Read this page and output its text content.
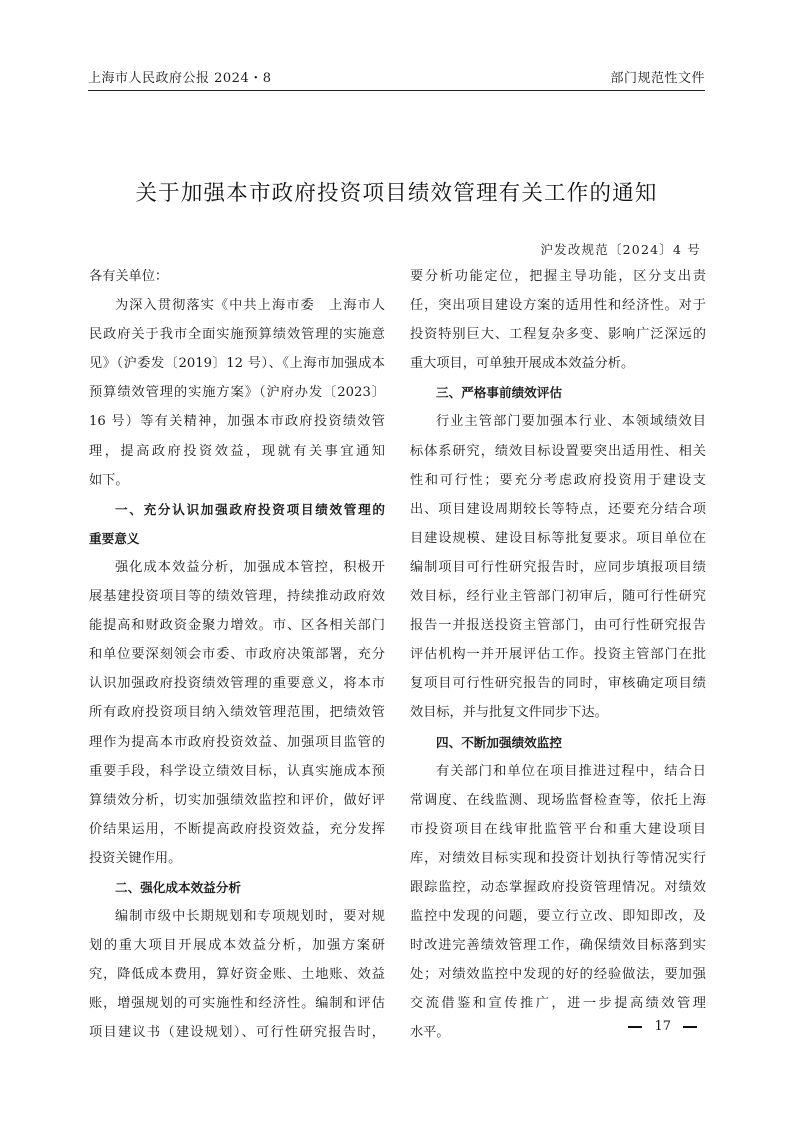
上海市人民政府公报 2024・8	部门规范性文件
关于加强本市政府投资项目绩效管理有关工作的通知
沪发改规范〔2024〕4 号
各有关单位：
为深入贯彻落实《中共上海市委　上海市人
民政府关于我市全面实施预算绩效管理的实施意
见》（沪委发〔2019〕12 号）、《上海市加强成本
预算绩效管理的实施方案》（沪府办发〔2023〕
16 号）等有关精神，加强本市政府投资绩效管
理，提高政府投资效益，现就有关事宜通知
如下。
一、充分认识加强政府投资项目绩效管理的
重要意义
强化成本效益分析，加强成本管控，积极开
展基建投资项目等的绩效管理，持续推动政府效
能提高和财政资金聚力增效。市、区各相关部门
和单位要深刻领会市委、市政府决策部署，充分
认识加强政府投资绩效管理的重要意义，将本市
所有政府投资项目纳入绩效管理范围，把绩效管
理作为提高本市政府投资效益、加强项目监管的
重要手段，科学设立绩效目标，认真实施成本预
算绩效分析，切实加强绩效监控和评价，做好评
价结果运用，不断提高政府投资效益，充分发挥
投资关键作用。
二、强化成本效益分析
编制市级中长期规划和专项规划时，要对规
划的重大项目开展成本效益分析，加强方案研
究，降低成本费用，算好资金账、土地账、效益
账，增强规划的可实施性和经济性。编制和评估
项目建议书（建设规划）、可行性研究报告时，
要分析功能定位，把握主导功能，区分支出责
任，突出项目建设方案的适用性和经济性。对于
投资特别巨大、工程复杂多变、影响广泛深远的
重大项目，可单独开展成本效益分析。
三、严格事前绩效评估
行业主管部门要加强本行业、本领域绩效目
标体系研究，绩效目标设置要突出适用性、相关
性和可行性；要充分考虑政府投资用于建设支
出、项目建设周期较长等特点，还要充分结合项
目建设规模、建设目标等批复要求。项目单位在
编制项目可行性研究报告时，应同步填报项目绩
效目标，经行业主管部门初审后，随可行性研究
报告一并报送投资主管部门，由可行性研究报告
评估机构一并开展评估工作。投资主管部门在批
复项目可行性研究报告的同时，审核确定项目绩
效目标，并与批复文件同步下达。
四、不断加强绩效监控
有关部门和单位在项目推进过程中，结合日
常调度、在线监测、现场监督检查等，依托上海
市投资项目在线审批监管平台和重大建设项目
库，对绩效目标实现和投资计划执行等情况实行
跟踪监控，动态掌握政府投资管理情况。对绩效
监控中发现的问题，要立行立改、即知即改，及
时改进完善绩效管理工作，确保绩效目标落到实
处；对绩效监控中发现的好的经验做法，要加强
交流借鉴和宣传推广，进一步提高绩效管理
水平。	17
